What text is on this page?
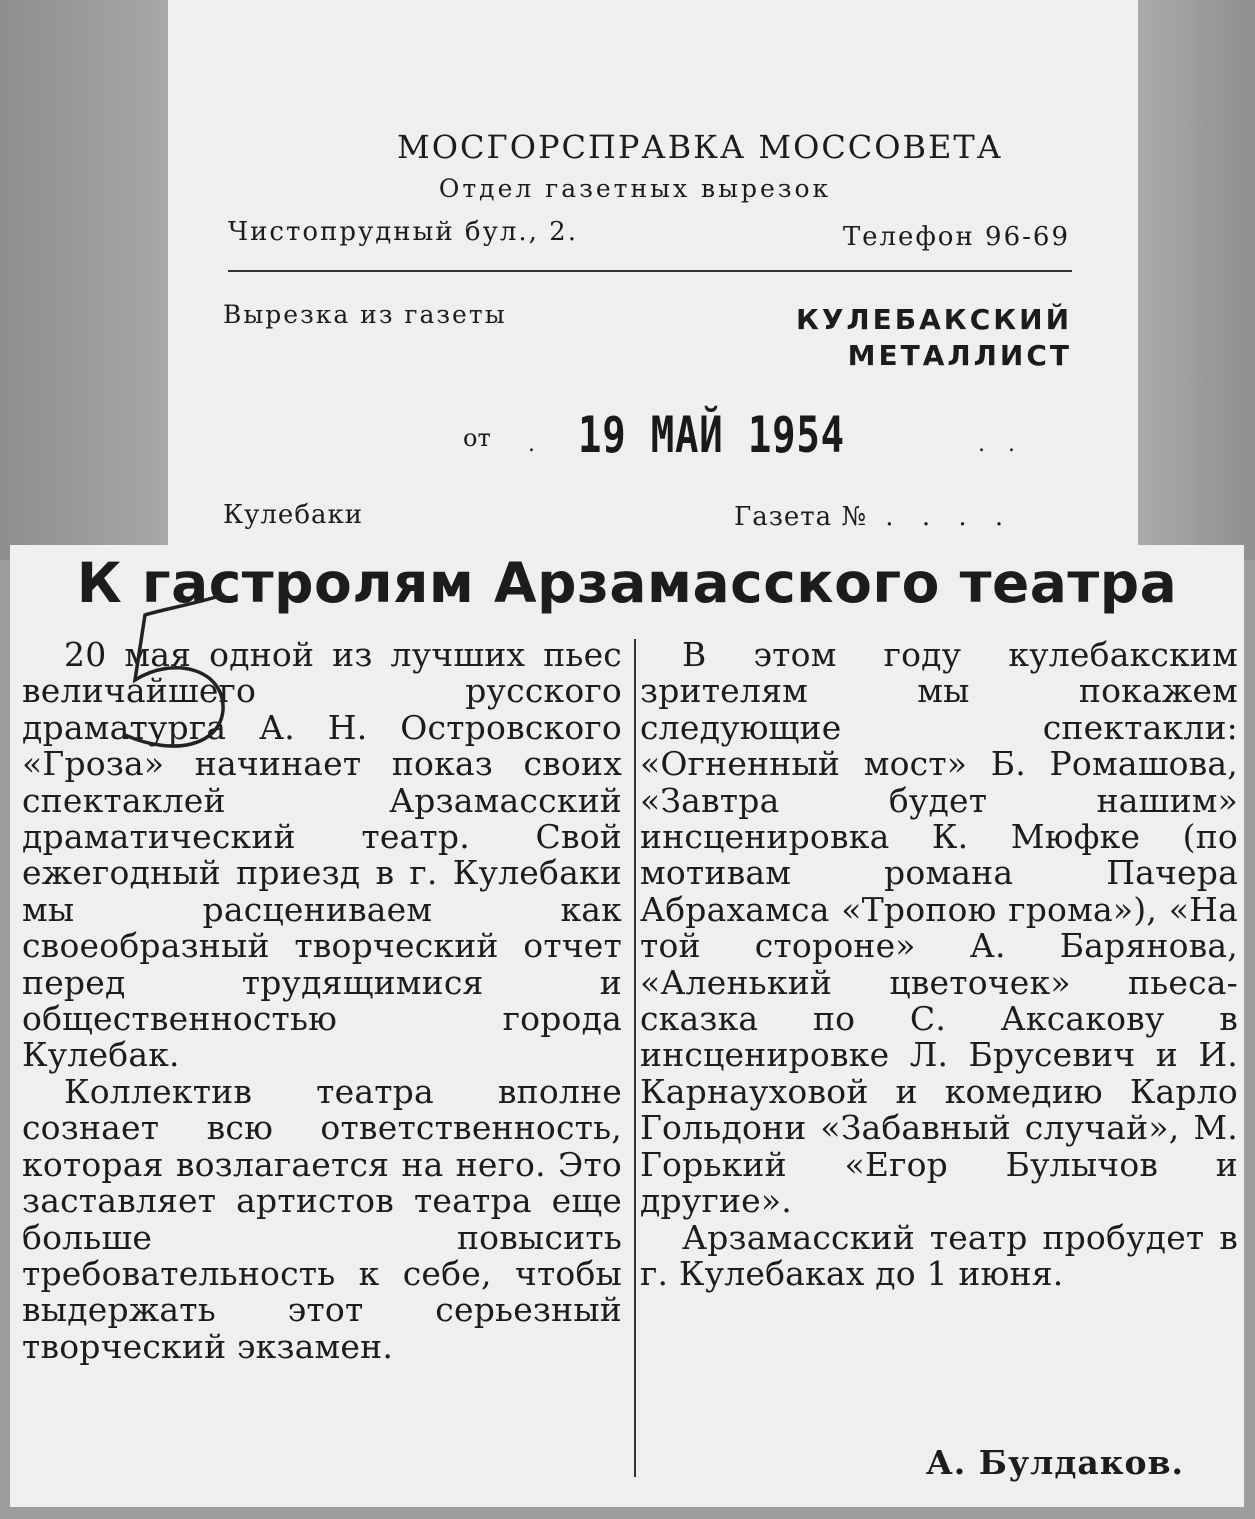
МОСГОРСПРАВКА МОССОВЕТА
Отдел газетных вырезок
Чистопрудный бул., 2.	Телефон 96-69
Вырезка из газеты	КУЛЕБАКСКИЙ
МЕТАЛЛИСТ
от . 19 МАЙ 1954	. .
Кулебаки	Газета № . . . .
К гастролям Арзамасского театра

20 мая одной из лучших пьес величайшего русского драматурга А. Н. Островского «Гроза» начинает показ своих спектаклей Арзамасский драматический театр. Свой ежегодный приезд в г. Кулебаки мы расцениваем как своеобразный творческий отчет перед трудящимися и общественностью города Кулебак.

Коллектив театра вполне сознает всю ответственность, которая возлагается на него. Это заставляет артистов театра еще больше повысить требовательность к себе, чтобы выдержать этот серьезный творческий экзамен.

В этом году кулебакским зрителям мы покажем следующие спектакли: «Огненный мост» Б. Ромашова, «Завтра будет нашим» инсценировка К. Мюфке (по мотивам романа Пачера Абрахамса «Тропою грома»), «На той стороне» А. Барянова, «Аленький цветочек» пьеса-сказка по С. Аксакову в инсценировке Л. Брусевич и И. Карнауховой и комедию Карло Гольдони «Забавный случай», М. Горький «Егор Булычов и другие».

Арзамасский театр пробудет в г. Кулебаках до 1 июня.

А. Булдаков.
